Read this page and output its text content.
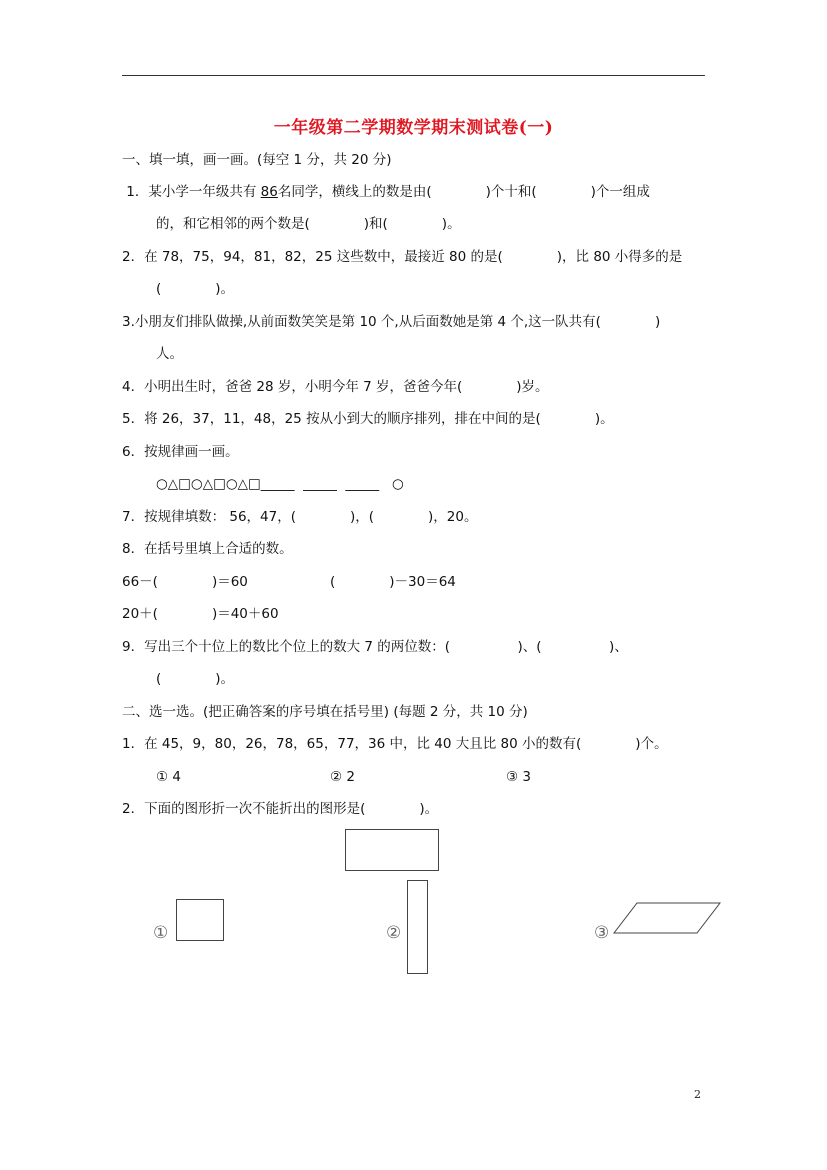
一年级第二学期数学期末测试卷(一)
一、填一填，画一画。(每空 1 分，共 20 分)
1．某小学一年级共有 86名同学，横线上的数是由(　　　　)个十和(　　　　)个一组成
的，和它相邻的两个数是(　　　　)和(　　　　)。
2．在 78，75，94，81，82，25 这些数中，最接近 80 的是(　　　　)，比 80 小得多的是
(　　　　)。
3.小朋友们排队做操,从前面数笑笑是第 10 个,从后面数她是第 4 个,这一队共有(　　　　)
人。
4．小明出生时，爸爸 28 岁，小明今年 7 岁，爸爸今年(　　　　)岁。
5．将 26，37，11，48，25 按从小到大的顺序排列，排在中间的是(　　　　)。
6．按规律画一画。
○△□○△□○△□_____  _____  _____   ○
7．按规律填数： 56，47，(　　　　)，(　　　　)，20。
8．在括号里填上合适的数。
66－(　　　　)＝60	(　　　　)－30＝64
20＋(　　　　)＝40＋60
9．写出三个十位上的数比个位上的数大 7 的两位数：(　　　　　)、(　　　　　)、
(　　　　)。
二、选一选。(把正确答案的序号填在括号里) (每题 2 分，共 10 分)
1．在 45，9，80，26，78，65，77，36 中，比 40 大且比 80 小的数有(　　　　)个。
① 4	② 2	③ 3
2．下面的图形折一次不能折出的图形是(　　　　)。
①	②	③
2
